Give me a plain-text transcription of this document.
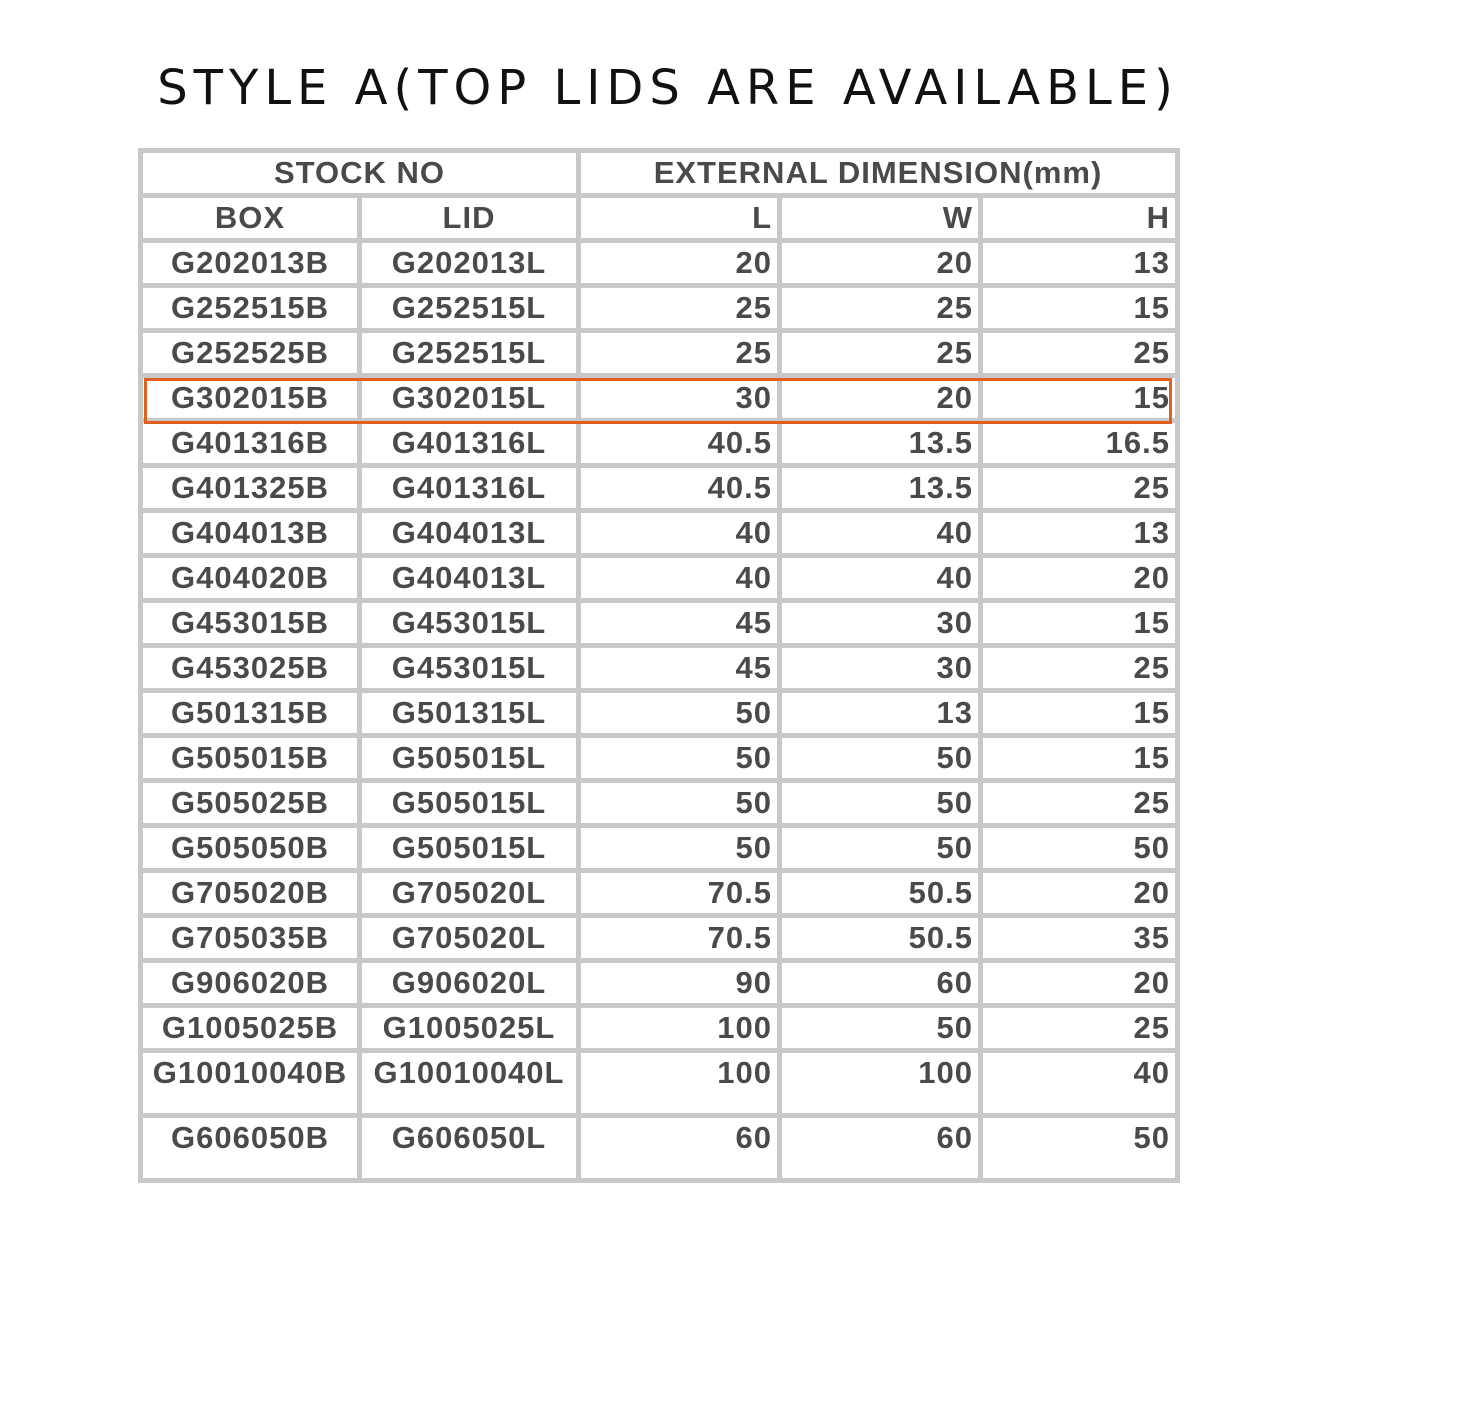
STYLE A(TOP LIDS ARE AVAILABLE)
STOCK NO		EXTERNAL DIMENSION(mm)		
BOX	LID	L	W	H
G202013B	G202013L	20	20	13
G252515B	G252515L	25	25	15
G252525B	G252515L	25	25	25
G302015B	G302015L	30	20	15
G401316B	G401316L	40.5	13.5	16.5
G401325B	G401316L	40.5	13.5	25
G404013B	G404013L	40	40	13
G404020B	G404013L	40	40	20
G453015B	G453015L	45	30	15
G453025B	G453015L	45	30	25
G501315B	G501315L	50	13	15
G505015B	G505015L	50	50	15
G505025B	G505015L	50	50	25
G505050B	G505015L	50	50	50
G705020B	G705020L	70.5	50.5	20
G705035B	G705020L	70.5	50.5	35
G906020B	G906020L	90	60	20
G1005025B	G1005025L	100	50	25
G10010040B	G10010040L	100	100	40
G606050B	G606050L	60	60	50
